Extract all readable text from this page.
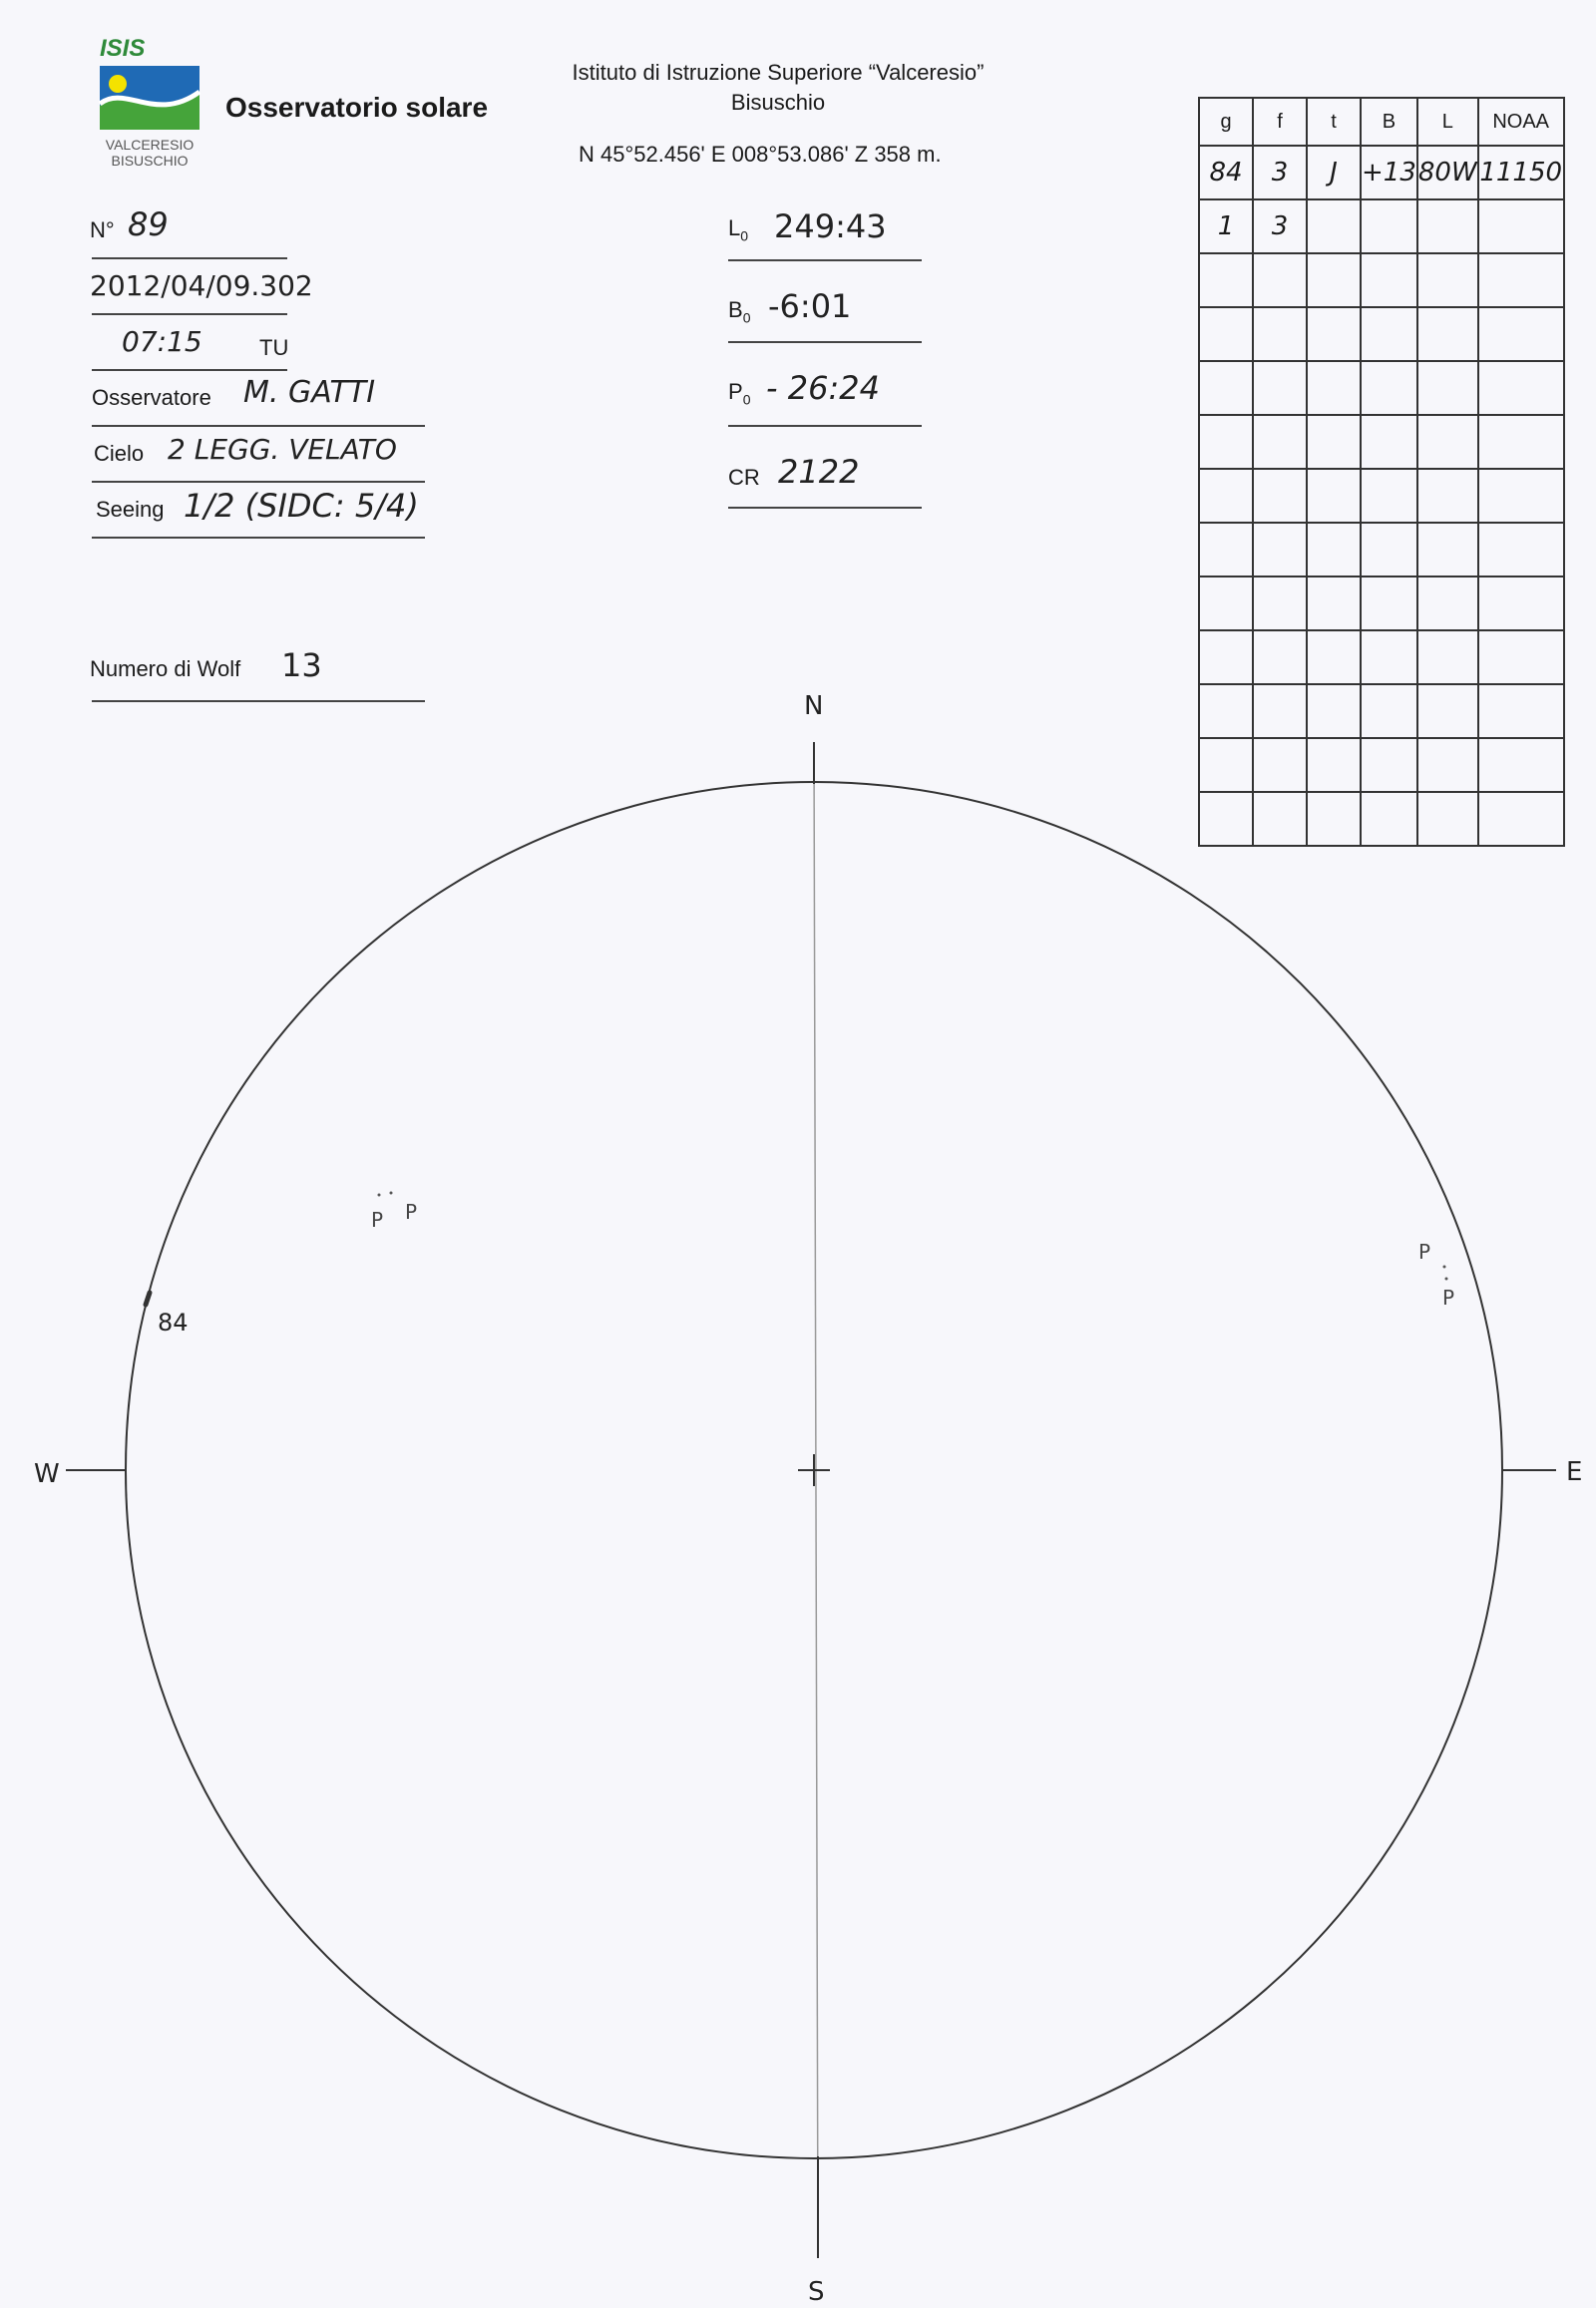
ISIS
VALCERESIO
BISUSCHIO
Osservatorio solare
Istituto di Istruzione Superiore “Valceresio”
Bisuschio
N 45°52.456' E 008°53.086' Z 358 m.
N° 89
2012/04/09.302
07:15	TU
Osservatore M. GATTI
Cielo 2 LEGG. VELATO
Seeing 1/2 (SIDC: 5/4)
Numero di Wolf 13
$L_0$ 249:43
$B_0$ -6:01
$P_0$ - 26:24
CR 2122
g	f	t	B	L	NOAA
84	3	J	+13	80W	11150
1	3				

N
S
E
W
84
P P
P
P
